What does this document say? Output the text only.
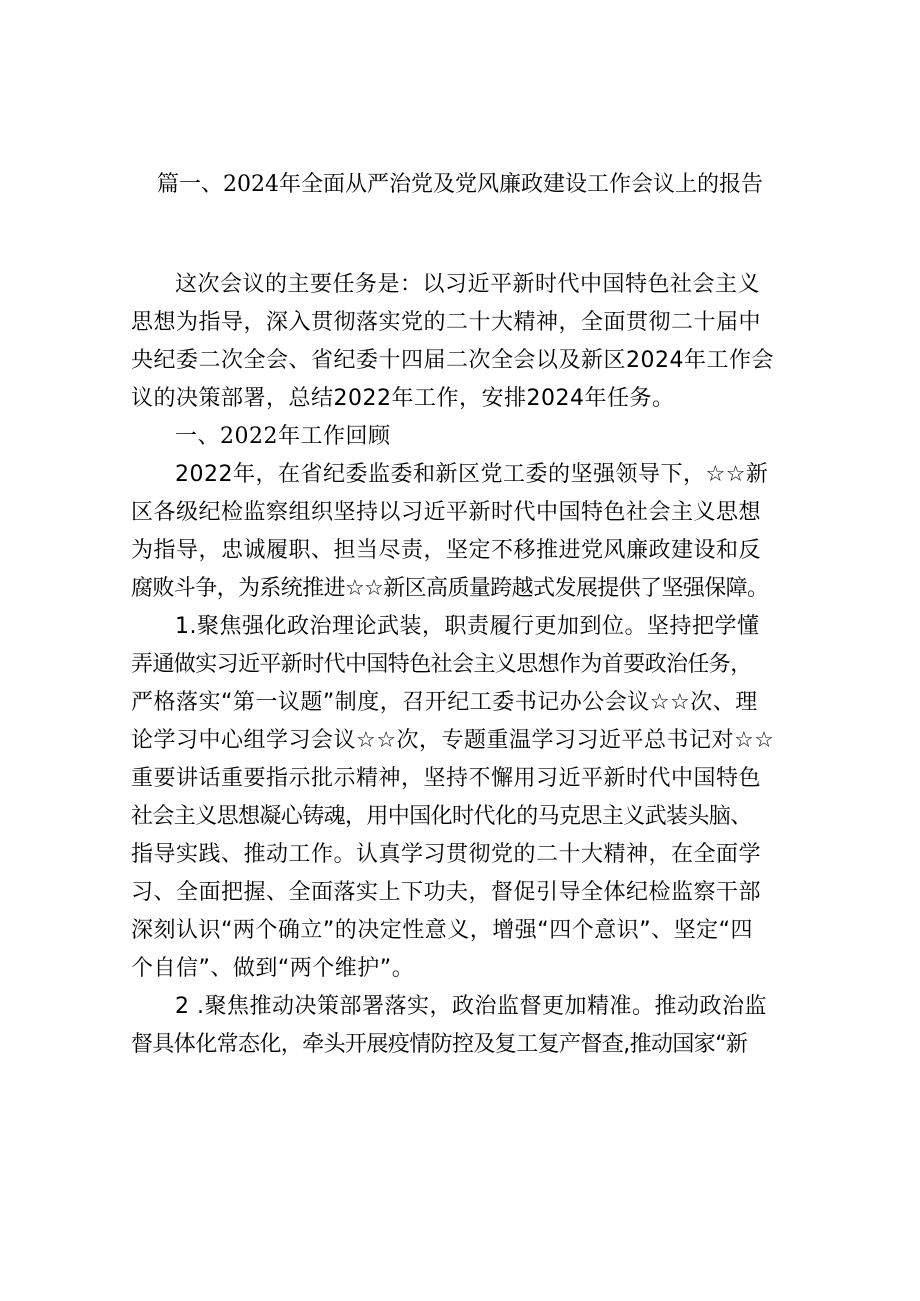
篇一、2024年全面从严治党及党风廉政建设工作会议上的报告
这次会议的主要任务是：以习近平新时代中国特色社会主义
思想为指导，深入贯彻落实党的二十大精神，全面贯彻二十届中
央纪委二次全会、省纪委十四届二次全会以及新区2024年工作会
议的决策部署，总结2022年工作，安排2024年任务。
一、2022年工作回顾
2022年，在省纪委监委和新区党工委的坚强领导下，☆☆新
区各级纪检监察组织坚持以习近平新时代中国特色社会主义思想
为指导，忠诚履职、担当尽责，坚定不移推进党风廉政建设和反
腐败斗争，为系统推进☆☆新区高质量跨越式发展提供了坚强保障。
1.聚焦强化政治理论武装，职责履行更加到位。坚持把学懂
弄通做实习近平新时代中国特色社会主义思想作为首要政治任务，
严格落实“第一议题”制度，召开纪工委书记办公会议☆☆次、理
论学习中心组学习会议☆☆次，专题重温学习习近平总书记对☆☆
重要讲话重要指示批示精神，坚持不懈用习近平新时代中国特色
社会主义思想凝心铸魂，用中国化时代化的马克思主义武装头脑、
指导实践、推动工作。认真学习贯彻党的二十大精神，在全面学
习、全面把握、全面落实上下功夫，督促引导全体纪检监察干部
深刻认识“两个确立”的决定性意义，增强“四个意识”、坚定“四
个自信”、做到“两个维护”。
2 .聚焦推动决策部署落实，政治监督更加精准。推动政治监
督具体化常态化，牵头开展疫情防控及复工复产督查,推动国家“新
